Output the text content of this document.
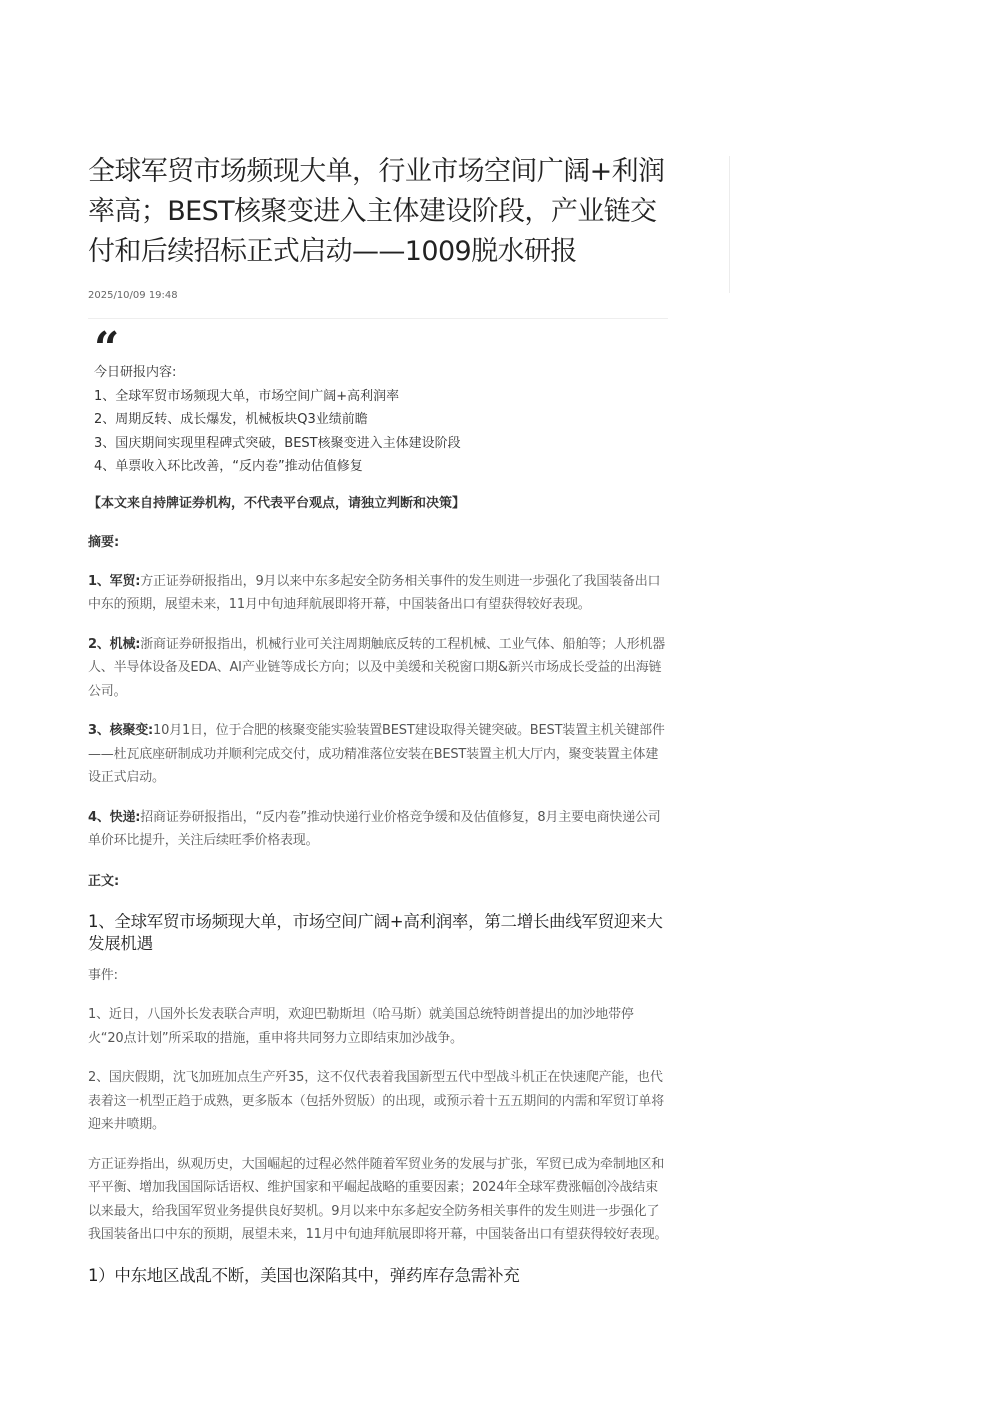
全球军贸市场频现大单，行业市场空间广阔+利润率高；BEST核聚变进入主体建设阶段，产业链交付和后续招标正式启动——1009脱水研报
2025/10/09 19:48
“
今日研报内容:
1、全球军贸市场频现大单，市场空间广阔+高利润率
2、周期反转、成长爆发，机械板块Q3业绩前瞻
3、国庆期间实现里程碑式突破，BEST核聚变进入主体建设阶段
4、单票收入环比改善，“反内卷”推动估值修复
【本文来自持牌证券机构，不代表平台观点，请独立判断和决策】
摘要:
1、军贸:方正证券研报指出，9月以来中东多起安全防务相关事件的发生则进一步强化了我国装备出口中东的预期，展望未来，11月中旬迪拜航展即将开幕，中国装备出口有望获得较好表现。
2、机械:浙商证券研报指出，机械行业可关注周期触底反转的工程机械、工业气体、船舶等；人形机器人、半导体设备及EDA、AI产业链等成长方向；以及中美缓和关税窗口期&新兴市场成长受益的出海链公司。
3、核聚变:10月1日，位于合肥的核聚变能实验装置BEST建设取得关键突破。BEST装置主机关键部件——杜瓦底座研制成功并顺利完成交付，成功精准落位安装在BEST装置主机大厅内，聚变装置主体建设正式启动。
4、快递:招商证券研报指出，“反内卷”推动快递行业价格竞争缓和及估值修复，8月主要电商快递公司单价环比提升，关注后续旺季价格表现。
正文:
1、全球军贸市场频现大单，市场空间广阔+高利润率，第二增长曲线军贸迎来大发展机遇
事件:
1、近日，八国外长发表联合声明，欢迎巴勒斯坦（哈马斯）就美国总统特朗普提出的加沙地带停火“20点计划”所采取的措施，重申将共同努力立即结束加沙战争。
2、国庆假期，沈飞加班加点生产歼35，这不仅代表着我国新型五代中型战斗机正在快速爬产能，也代表着这一机型正趋于成熟，更多版本（包括外贸版）的出现，或预示着十五五期间的内需和军贸订单将迎来井喷期。
方正证券指出，纵观历史，大国崛起的过程必然伴随着军贸业务的发展与扩张，军贸已成为牵制地区和平平衡、增加我国国际话语权、维护国家和平崛起战略的重要因素；2024年全球军费涨幅创冷战结束以来最大，给我国军贸业务提供良好契机。9月以来中东多起安全防务相关事件的发生则进一步强化了我国装备出口中东的预期，展望未来，11月中旬迪拜航展即将开幕，中国装备出口有望获得较好表现。
1）中东地区战乱不断，美国也深陷其中，弹药库存急需补充
